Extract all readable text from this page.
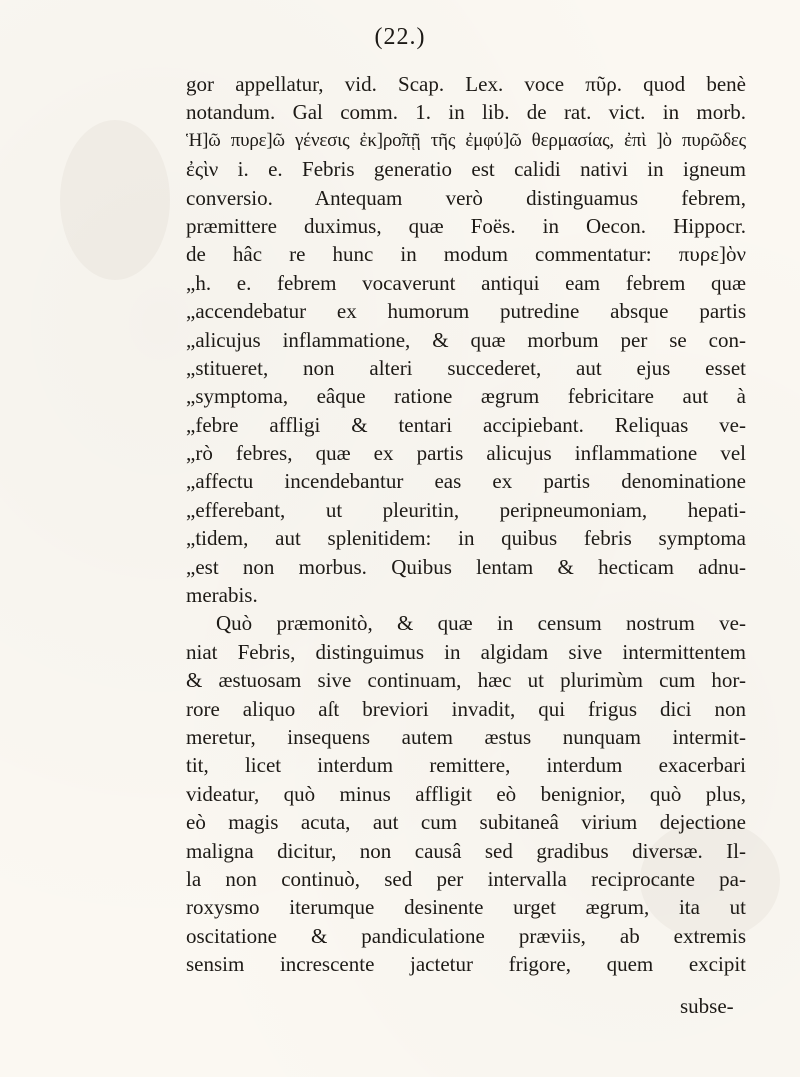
(22.)
gor appellatur, vid. Scap. Lex. voce πῦρ. quod benè
notandum. Gal comm. 1. in lib. de rat. vict. in morb.
Ἡ]ῶ πυρε]ῶ γένεσις ἐκ]ρο̃πῇ τῆς ἐμφύ]ῶ θερμασίας, ἐπὶ ]ὸ πυρῶδες
ἐςὶν i. e. Febris generatio est calidi nativi in igneum
conversio. Antequam verò distinguamus febrem,
præmittere duximus, quæ Foës. in Oecon. Hippocr.
de hâc re hunc in modum commentatur: πυρε]ὸν
„h. e. febrem vocaverunt antiqui eam febrem quæ
„accendebatur ex humorum putredine absque partis
„alicujus inflammatione, & quæ morbum per se con-
„stitueret, non alteri succederet, aut ejus esset
„symptoma, eâque ratione ægrum febricitare aut à
„febre affligi & tentari accipiebant. Reliquas ve-
„rò febres, quæ ex partis alicujus inflammatione vel
„affectu incendebantur eas ex partis denominatione
„efferebant, ut pleuritin, peripneumoniam, hepati-
„tidem, aut splenitidem: in quibus febris symptoma
„est non morbus. Quibus lentam & hecticam adnu-
merabis.
Quò præmonitò, & quæ in censum nostrum ve-
niat Febris, distinguimus in algidam sive intermittentem
& æstuosam sive continuam, hæc ut plurimùm cum hor-
rore aliquo aſt breviori invadit, qui frigus dici non
meretur, insequens autem æstus nunquam intermit-
tit, licet interdum remittere, interdum exacerbari
videatur, quò minus affligit eò benignior, quò plus,
eò magis acuta, aut cum subitaneâ virium dejectione
maligna dicitur, non causâ sed gradibus diversæ. Il-
la non continuò, sed per intervalla reciprocante pa-
roxysmo iterumque desinente urget ægrum, ita ut
oscitatione & pandiculatione præviis, ab extremis
sensim increscente jactetur frigore, quem excipit
subse-
